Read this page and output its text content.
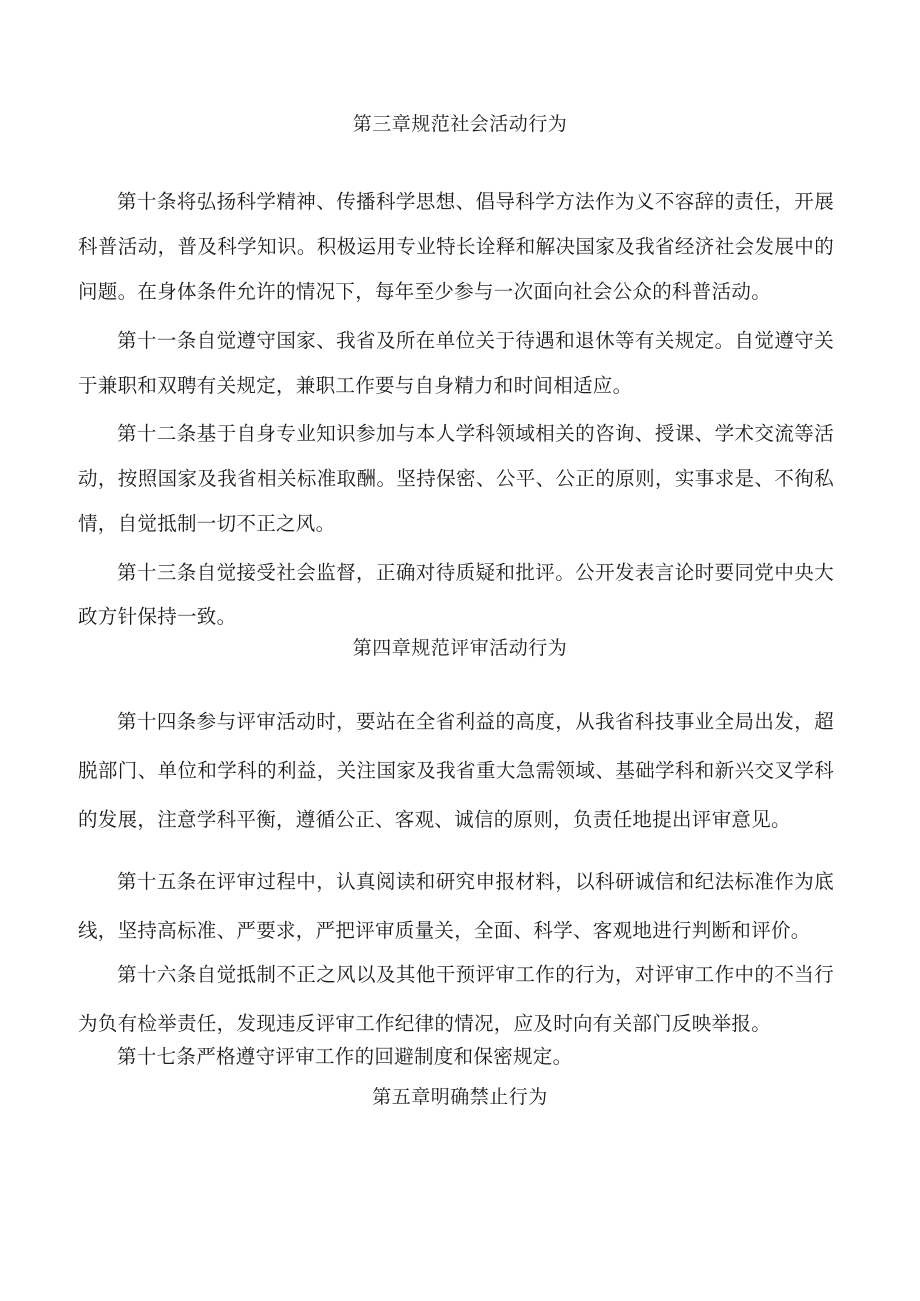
第三章规范社会活动行为

第十条将弘扬科学精神、传播科学思想、倡导科学方法作为义不容辞的责任，开展科普活动，普及科学知识。积极运用专业特长诠释和解决国家及我省经济社会发展中的问题。在身体条件允许的情况下，每年至少参与一次面向社会公众的科普活动。

第十一条自觉遵守国家、我省及所在单位关于待遇和退休等有关规定。自觉遵守关于兼职和双聘有关规定，兼职工作要与自身精力和时间相适应。

第十二条基于自身专业知识参加与本人学科领域相关的咨询、授课、学术交流等活动，按照国家及我省相关标准取酬。坚持保密、公平、公正的原则，实事求是、不徇私情，自觉抵制一切不正之风。

第十三条自觉接受社会监督，正确对待质疑和批评。公开发表言论时要同党中央大政方针保持一致。

第四章规范评审活动行为

第十四条参与评审活动时，要站在全省利益的高度，从我省科技事业全局出发，超脱部门、单位和学科的利益，关注国家及我省重大急需领域、基础学科和新兴交叉学科的发展，注意学科平衡，遵循公正、客观、诚信的原则，负责任地提出评审意见。

第十五条在评审过程中，认真阅读和研究申报材料，以科研诚信和纪法标准作为底线，坚持高标准、严要求，严把评审质量关，全面、科学、客观地进行判断和评价。

第十六条自觉抵制不正之风以及其他干预评审工作的行为，对评审工作中的不当行为负有检举责任，发现违反评审工作纪律的情况，应及时向有关部门反映举报。

第十七条严格遵守评审工作的回避制度和保密规定。

第五章明确禁止行为
